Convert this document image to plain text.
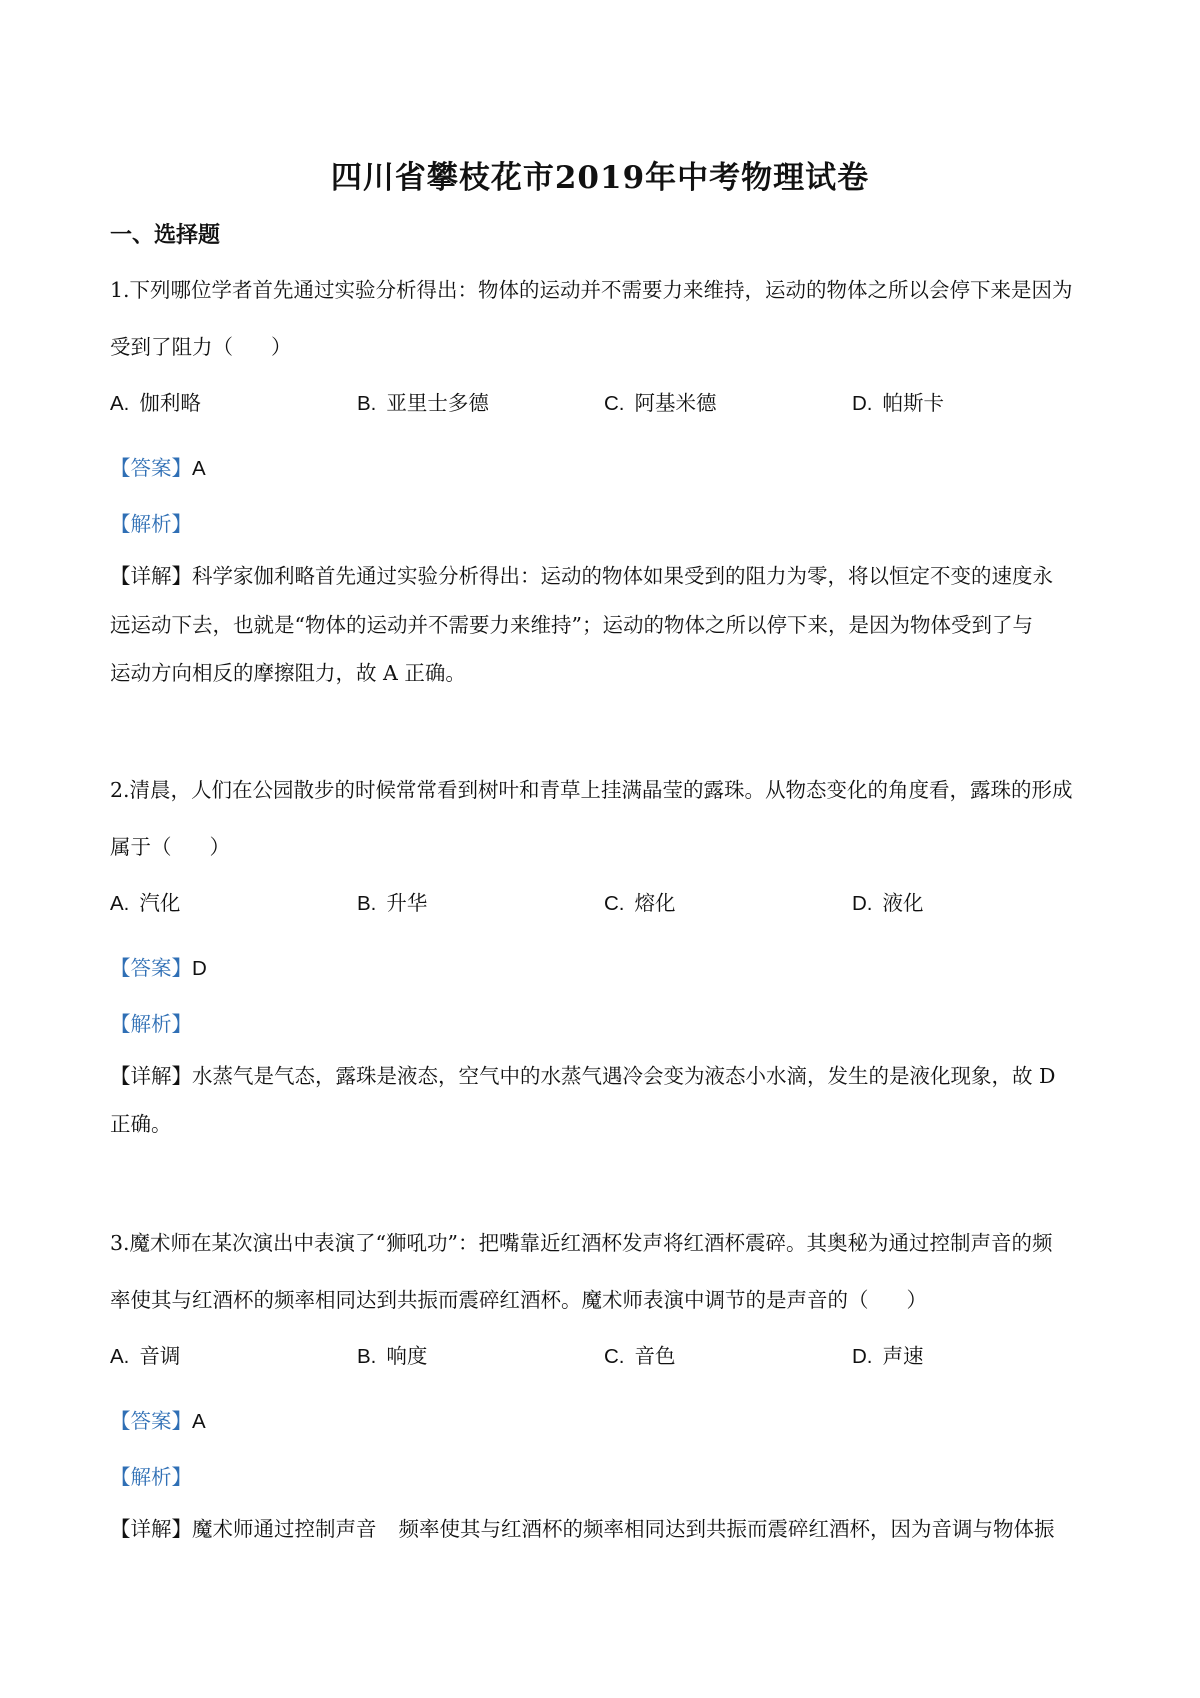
四川省攀枝花市2019年中考物理试卷
一、选择题
1.下列哪位学者首先通过实验分析得出：物体的运动并不需要力来维持，运动的物体之所以会停下来是因为
受到了阻力（ ）
A. 伽利略	B. 亚里士多德	C. 阿基米德	D. 帕斯卡
【答案】A
【解析】
【详解】科学家伽利略首先通过实验分析得出：运动的物体如果受到的阻力为零，将以恒定不变的速度永
远运动下去，也就是“物体的运动并不需要力来维持”；运动的物体之所以停下来，是因为物体受到了与
运动方向相反的摩擦阻力，故 A 正确。
2.清晨，人们在公园散步的时候常常看到树叶和青草上挂满晶莹的露珠。从物态变化的角度看，露珠的形成
属于（ ）
A. 汽化	B. 升华	C. 熔化	D. 液化
【答案】D
【解析】
【详解】水蒸气是气态，露珠是液态，空气中的水蒸气遇冷会变为液态小水滴，发生的是液化现象，故 D
正确。
3.魔术师在某次演出中表演了“狮吼功”：把嘴靠近红酒杯发声将红酒杯震碎。其奥秘为通过控制声音的频
率使其与红酒杯的频率相同达到共振而震碎红酒杯。魔术师表演中调节的是声音的（ ）
A. 音调	B. 响度	C. 音色	D. 声速
【答案】A
【解析】
【详解】魔术师通过控制声音 频率使其与红酒杯的频率相同达到共振而震碎红酒杯，因为音调与物体振
